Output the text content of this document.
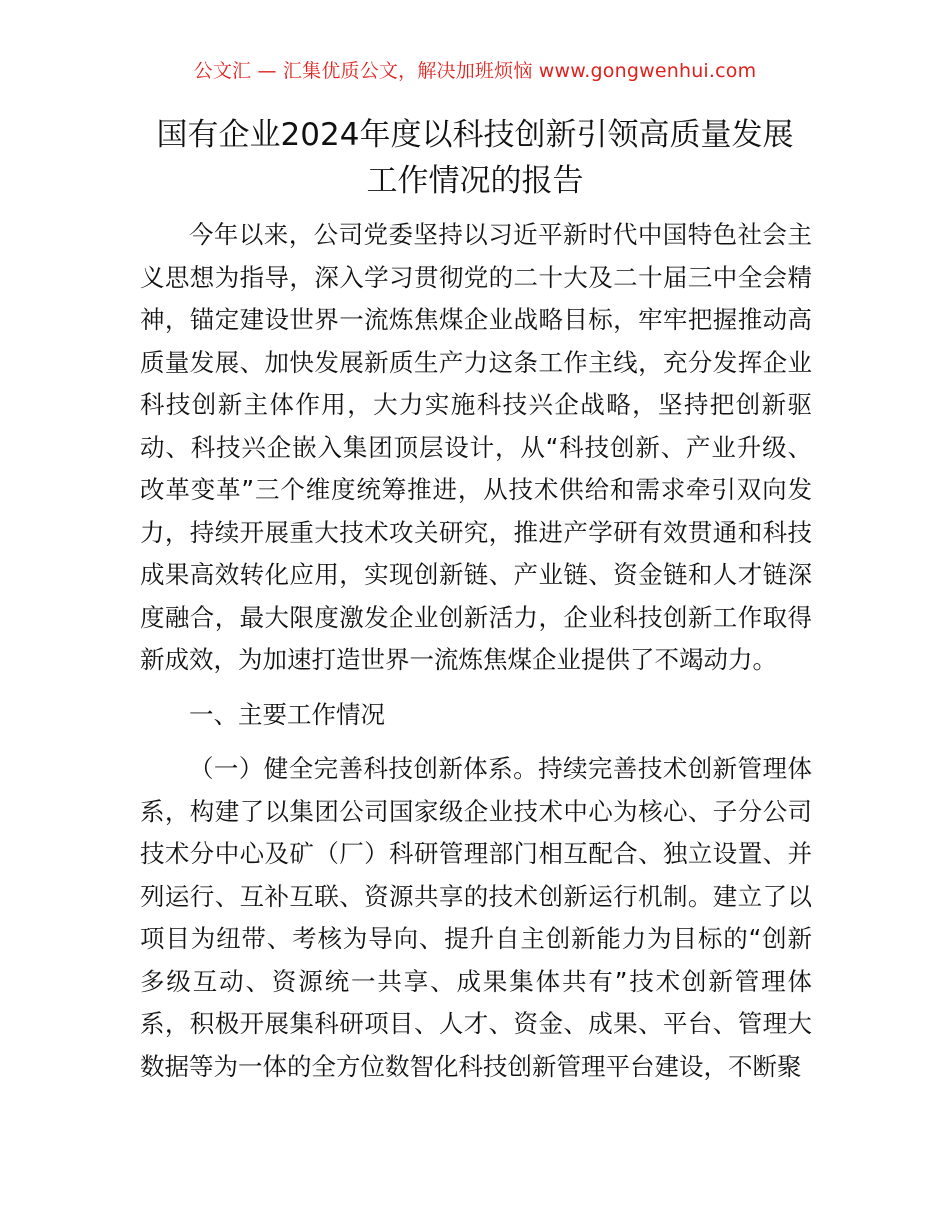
公文汇 — 汇集优质公文，解决加班烦恼 www.gongwenhui.com
国有企业2024年度以科技创新引领高质量发展
工作情况的报告

今年以来，公司党委坚持以习近平新时代中国特色社会主义思想为指导，深入学习贯彻党的二十大及二十届三中全会精神，锚定建设世界一流炼焦煤企业战略目标，牢牢把握推动高质量发展、加快发展新质生产力这条工作主线，充分发挥企业科技创新主体作用，大力实施科技兴企战略，坚持把创新驱动、科技兴企嵌入集团顶层设计，从“科技创新、产业升级、改革变革”三个维度统筹推进，从技术供给和需求牵引双向发力，持续开展重大技术攻关研究，推进产学研有效贯通和科技成果高效转化应用，实现创新链、产业链、资金链和人才链深度融合，最大限度激发企业创新活力，企业科技创新工作取得新成效，为加速打造世界一流炼焦煤企业提供了不竭动力。

一、主要工作情况

（一）健全完善科技创新体系。持续完善技术创新管理体系，构建了以集团公司国家级企业技术中心为核心、子分公司技术分中心及矿（厂）科研管理部门相互配合、独立设置、并列运行、互补互联、资源共享的技术创新运行机制。建立了以项目为纽带、考核为导向、提升自主创新能力为目标的“创新多级互动、资源统一共享、成果集体共有”技术创新管理体系，积极开展集科研项目、人才、资金、成果、平台、管理大数据等为一体的全方位数智化科技创新管理平台建设，不断聚
